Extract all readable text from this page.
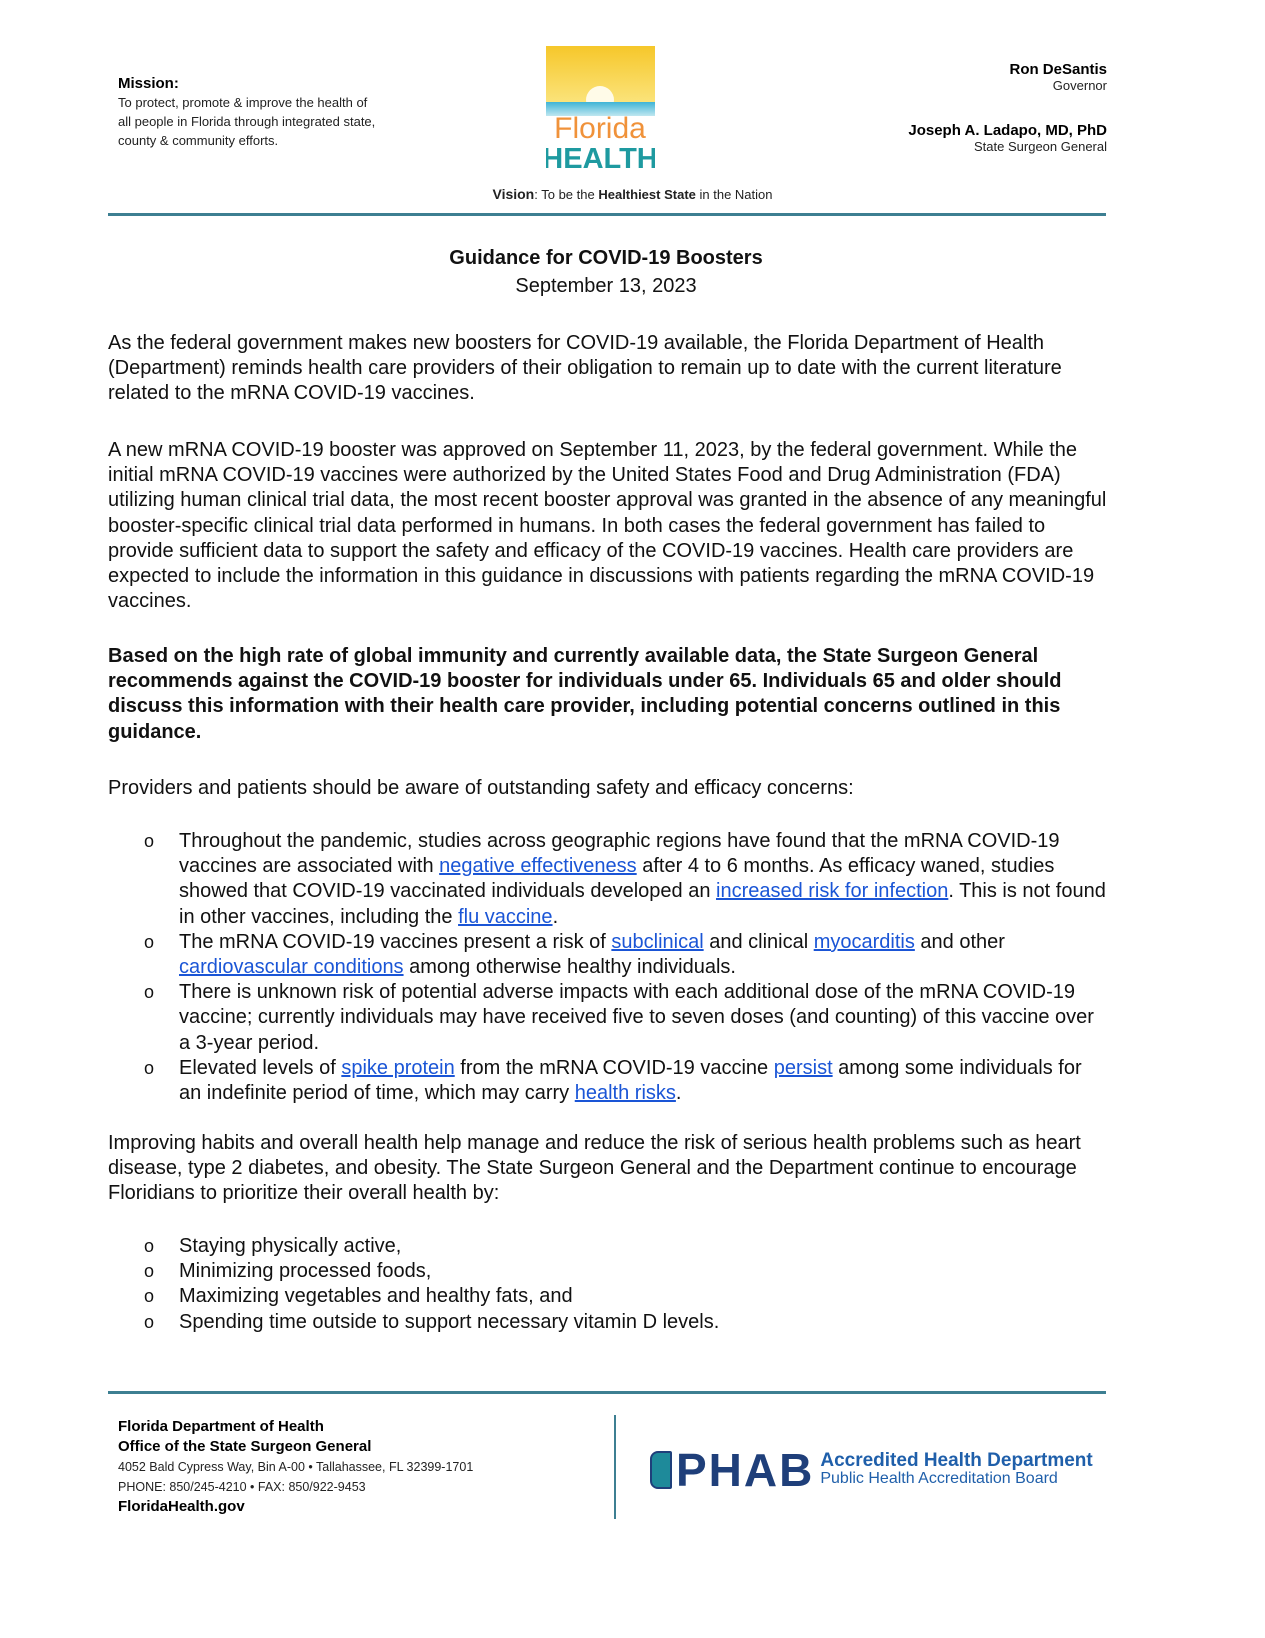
Mission:
To protect, promote & improve the health of all people in Florida through integrated state, county & community efforts.	Florida
HEALTH
Ron DeSantis
Governor
Joseph A. Ladapo, MD, PhD
State Surgeon General
Vision: To be the Healthiest State in the Nation
Guidance for COVID-19 Boosters
September 13, 2023
As the federal government makes new boosters for COVID-19 available, the Florida Department of Health (Department) reminds health care providers of their obligation to remain up to date with the current literature related to the mRNA COVID-19 vaccines.
A new mRNA COVID-19 booster was approved on September 11, 2023, by the federal government. While the initial mRNA COVID-19 vaccines were authorized by the United States Food and Drug Administration (FDA) utilizing human clinical trial data, the most recent booster approval was granted in the absence of any meaningful booster-specific clinical trial data performed in humans. In both cases the federal government has failed to provide sufficient data to support the safety and efficacy of the COVID-19 vaccines. Health care providers are expected to include the information in this guidance in discussions with patients regarding the mRNA COVID-19 vaccines.
Based on the high rate of global immunity and currently available data, the State Surgeon General recommends against the COVID-19 booster for individuals under 65. Individuals 65 and older should discuss this information with their health care provider, including potential concerns outlined in this guidance.
Providers and patients should be aware of outstanding safety and efficacy concerns:
o Throughout the pandemic, studies across geographic regions have found that the mRNA COVID-19 vaccines are associated with negative effectiveness after 4 to 6 months. As efficacy waned, studies showed that COVID-19 vaccinated individuals developed an increased risk for infection. This is not found in other vaccines, including the flu vaccine.
o The mRNA COVID-19 vaccines present a risk of subclinical and clinical myocarditis and other cardiovascular conditions among otherwise healthy individuals.
o There is unknown risk of potential adverse impacts with each additional dose of the mRNA COVID-19 vaccine; currently individuals may have received five to seven doses (and counting) of this vaccine over a 3-year period.
o Elevated levels of spike protein from the mRNA COVID-19 vaccine persist among some individuals for an indefinite period of time, which may carry health risks.
Improving habits and overall health help manage and reduce the risk of serious health problems such as heart disease, type 2 diabetes, and obesity. The State Surgeon General and the Department continue to encourage Floridians to prioritize their overall health by:
o Staying physically active,
o Minimizing processed foods,
o Maximizing vegetables and healthy fats, and
o Spending time outside to support necessary vitamin D levels.
Florida Department of Health
Office of the State Surgeon General
4052 Bald Cypress Way, Bin A-00 • Tallahassee, FL 32399-1701
PHONE: 850/245-4210 • FAX: 850/922-9453
FloridaHealth.gov
PHAB Accredited Health Department
Public Health Accreditation Board
